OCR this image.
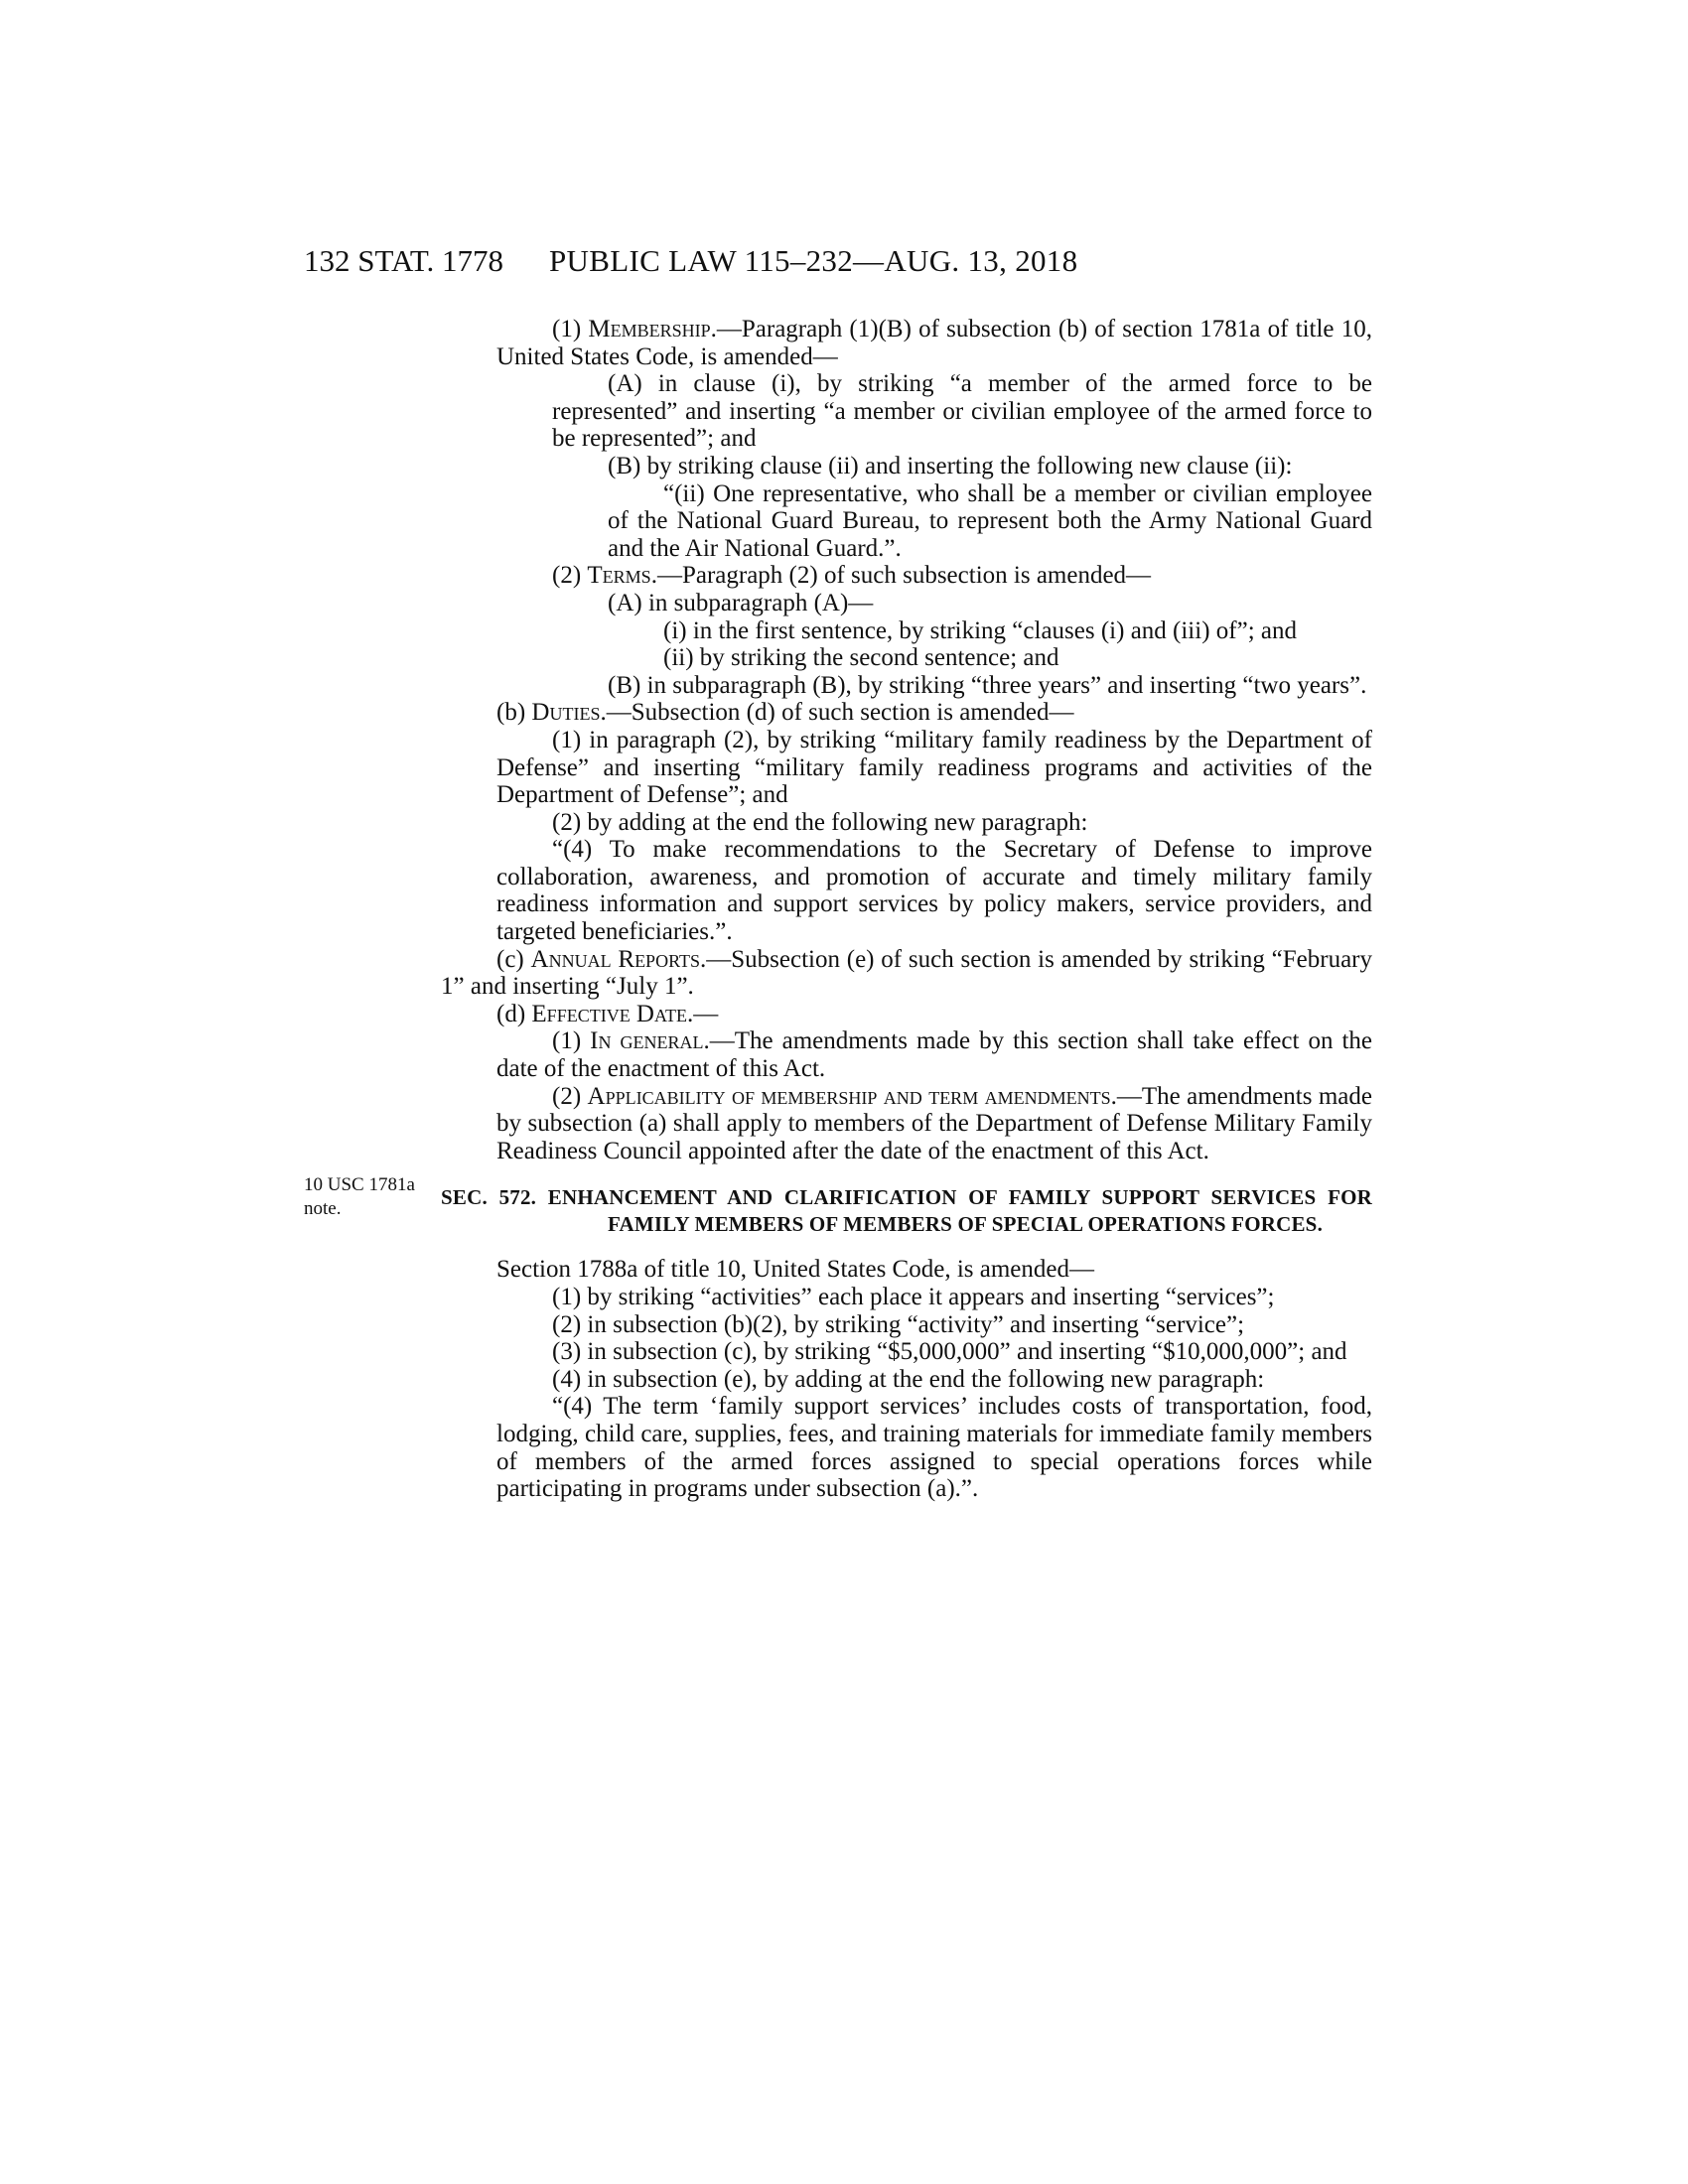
132 STAT. 1778 PUBLIC LAW 115–232—AUG. 13, 2018
10 USC 1781a
note.

(1) Membership.—Paragraph (1)(B) of subsection (b) of section 1781a of title 10, United States Code, is amended—

(A) in clause (i), by striking “a member of the armed force to be represented” and inserting “a member or civilian employee of the armed force to be represented”; and

(B) by striking clause (ii) and inserting the following new clause (ii):

“(ii) One representative, who shall be a member or civilian employee of the National Guard Bureau, to represent both the Army National Guard and the Air National Guard.”.

(2) Terms.—Paragraph (2) of such subsection is amended—

(A) in subparagraph (A)—

(i) in the first sentence, by striking “clauses (i) and (iii) of”; and

(ii) by striking the second sentence; and

(B) in subparagraph (B), by striking “three years” and inserting “two years”.

(b) Duties.—Subsection (d) of such section is amended—

(1) in paragraph (2), by striking “military family readiness by the Department of Defense” and inserting “military family readiness programs and activities of the Department of Defense”; and

(2) by adding at the end the following new paragraph:

“(4) To make recommendations to the Secretary of Defense to improve collaboration, awareness, and promotion of accurate and timely military family readiness information and support services by policy makers, service providers, and targeted beneficiaries.”.

(c) Annual Reports.—Subsection (e) of such section is amended by striking “February 1” and inserting “July 1”.

(d) Effective Date.—

(1) In general.—The amendments made by this section shall take effect on the date of the enactment of this Act.

(2) Applicability of membership and term amendments.—The amendments made by subsection (a) shall apply to members of the Department of Defense Military Family Readiness Council appointed after the date of the enactment of this Act.

SEC. 572. ENHANCEMENT AND CLARIFICATION OF FAMILY SUPPORT SERVICES FOR FAMILY MEMBERS OF MEMBERS OF SPECIAL OPERATIONS FORCES.

Section 1788a of title 10, United States Code, is amended—

(1) by striking “activities” each place it appears and inserting “services”;

(2) in subsection (b)(2), by striking “activity” and inserting “service”;

(3) in subsection (c), by striking “$5,000,000” and inserting “$10,000,000”; and

(4) in subsection (e), by adding at the end the following new paragraph:

“(4) The term ‘family support services’ includes costs of transportation, food, lodging, child care, supplies, fees, and training materials for immediate family members of members of the armed forces assigned to special operations forces while participating in programs under subsection (a).”.
